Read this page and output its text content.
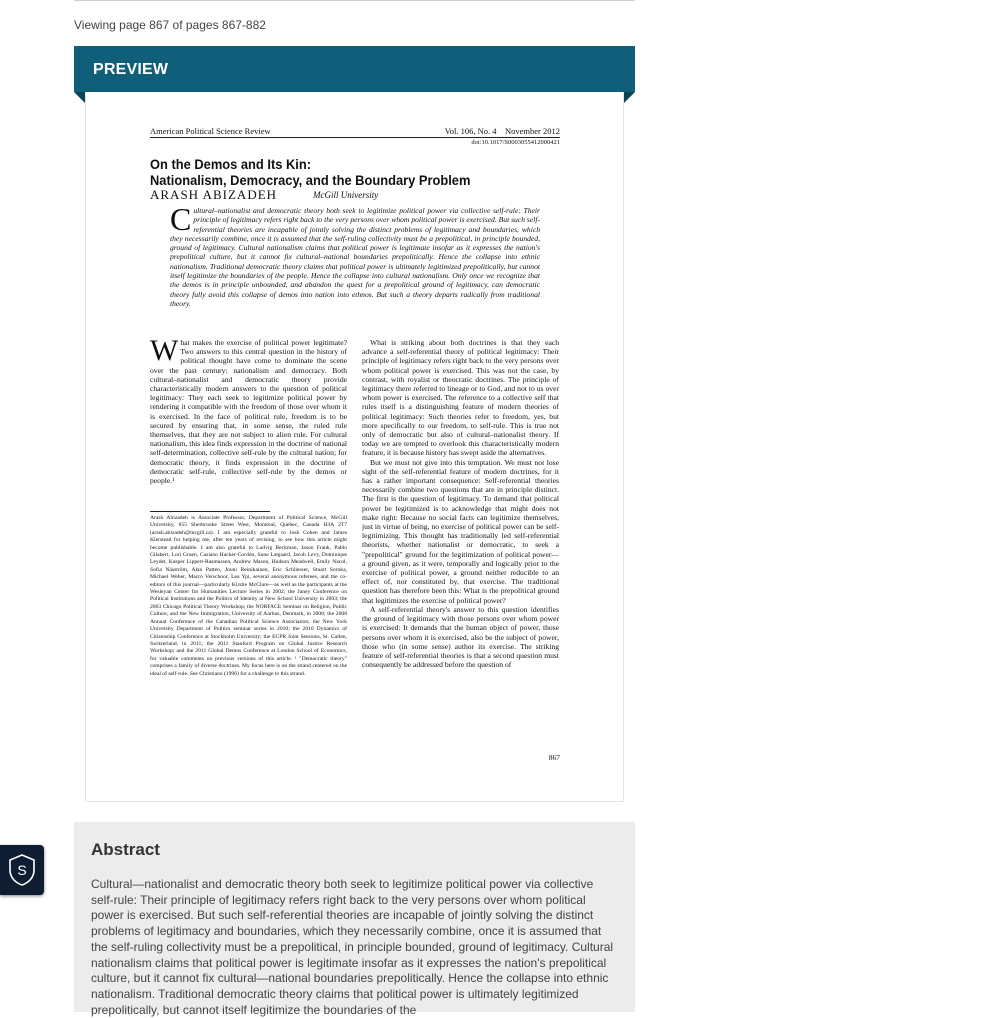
Viewing page 867 of pages 867-882
PREVIEW
American Political Science Review	Vol. 106, No. 4    November 2012
doi:10.1017/S0003055412000421
On the Demos and Its Kin:
Nationalism, Democracy, and the Boundary Problem
ARASH ABIZADEH	McGill University
Cultural–nationalist and democratic theory both seek to legitimize political power via collective self-rule: Their principle of legitimacy refers right back to the very persons over whom political power is exercised. But such self-referential theories are incapable of jointly solving the distinct problems of legitimacy and boundaries, which they necessarily combine, once it is assumed that the self-ruling collectivity must be a prepolitical, in principle bounded, ground of legitimacy. Cultural nationalism claims that political power is legitimate insofar as it expresses the nation's prepolitical culture, but it cannot fix cultural–national boundaries prepolitically. Hence the collapse into ethnic nationalism. Traditional democratic theory claims that political power is ultimately legitimized prepolitically, but cannot itself legitimize the boundaries of the people. Hence the collapse into cultural nationalism. Only once we recognize that the demos is in principle unbounded, and abandon the quest for a prepolitical ground of legitimacy, can democratic theory fully avoid this collapse of demos into nation into ethnos. But such a theory departs radically from traditional theory.
What makes the exercise of political power legitimate? Two answers to this central question in the history of political thought have come to dominate the scene over the past century: nationalism and democracy. Both cultural–nationalist and democratic theory provide characteristically modern answers to the question of political legitimacy: They each seek to legitimize political power by rendering it compatible with the freedom of those over whom it is exercised. In the face of political rule, freedom is to be secured by ensuring that, in some sense, the ruled rule themselves, that they are not subject to alien rule. For cultural nationalism, this idea finds expression in the doctrine of national self-determination, collective self-rule by the cultural nation; for democratic theory, it finds expression in the doctrine of democratic self-rule, collective self-rule by the demos or people.¹
Arash Abizadeh is Associate Professor, Department of Political Science, McGill University, 855 Sherbrooke Street West, Montreal, Quebec, Canada H3A 2T7 (arash.abizadeh@mcgill.ca). I am especially grateful to Josh Cohen and James Kierstead for helping me, after ten years of revising, to see how this article might become publishable. I am also grateful to Ludvig Beckman, Jason Frank, Pablo Gilabert, Lori Gruen, Casiano Hacker-Cordón, Sune Lægaard, Jacob Levy, Dominique Leydet, Kasper Lippert-Rasmussen, Andrew Mason, Hudson Meadwell, Emily Nacol, Sofia Näsström, Alan Patten, Jouni Reinikainen, Eric Schliesser, Stuart Soroka, Michael Weber, Marco Verschoor, Lea Ypi, several anonymous referees, and the co-editors of this journal—particularly Kirstie McClure—as well as the participants at the Wesleyan Center for Humanities Lecture Series in 2002; the Janey Conference on Political Institutions and the Politics of Identity at New School University in 2003; the 2003 Chicago Political Theory Workshop; the NORFACE Seminar on Religion, Public Culture, and the New Immigration, University of Aarhus, Denmark, in 2008; the 2008 Annual Conference of the Canadian Political Science Association; the New York University Department of Politics seminar series in 2010; the 2010 Dynamics of Citizenship Conference at Stockholm University; the ECPR Joint Sessions, St. Gallen, Switzerland, in 2011; the 2011 Stanford Program on Global Justice Research Workshop; and the 2011 Global Demos Conference at London School of Economics, for valuable comments on previous versions of this article. ¹ "Democratic theory" comprises a family of diverse doctrines. My focus here is on the strand centered on the ideal of self-rule. See Christiano (1996) for a challenge to this strand.

What is striking about both doctrines is that they each advance a self-referential theory of political legitimacy: Their principle of legitimacy refers right back to the very persons over whom political power is exercised. This was not the case, by contrast, with royalist or theocratic doctrines. The principle of legitimacy there referred to lineage or to God, and not to us over whom power is exercised. The reference to a collective self that rules itself is a distinguishing feature of modern theories of political legitimacy: Such theories refer to freedom, yes, but more specifically to our freedom, to self-rule. This is true not only of democratic but also of cultural–nationalist theory. If today we are tempted to overlook this characteristically modern feature, it is because history has swept aside the alternatives.

But we must not give into this temptation. We must not lose sight of the self-referential feature of modern doctrines, for it has a rather important consequence: Self-referential theories necessarily combine two questions that are in principle distinct. The first is the question of legitimacy. To demand that political power be legitimized is to acknowledge that might does not make right: Because no social facts can legitimize themselves, just in virtue of being, no exercise of political power can be self-legitimizing. This thought has traditionally led self-referential theorists, whether nationalist or democratic, to seek a "prepolitical" ground for the legitimization of political power—a ground given, as it were, temporally and logically prior to the exercise of political power, a ground neither reducible to an effect of, nor constituted by, that exercise. The traditional question has therefore been this: What is the prepolitical ground that legitimizes the exercise of political power?

A self-referential theory's answer to this question identifies the ground of legitimacy with those persons over whom power is exercised: It demands that the human object of power, those persons over whom it is exercised, also be the subject of power, those who (in some sense) author its exercise. The striking feature of self-referential theories is that a second question must consequently be addressed before the question of

867
Abstract
Cultural—nationalist and democratic theory both seek to legitimize political power via collective self-rule: Their principle of legitimacy refers right back to the very persons over whom political power is exercised. But such self-referential theories are incapable of jointly solving the distinct problems of legitimacy and boundaries, which they necessarily combine, once it is assumed that the self-ruling collectivity must be a prepolitical, in principle bounded, ground of legitimacy. Cultural nationalism claims that political power is legitimate insofar as it expresses the nation's prepolitical culture, but it cannot fix cultural—national boundaries prepolitically. Hence the collapse into ethnic nationalism. Traditional democratic theory claims that political power is ultimately legitimized prepolitically, but cannot itself legitimize the boundaries of the
S
